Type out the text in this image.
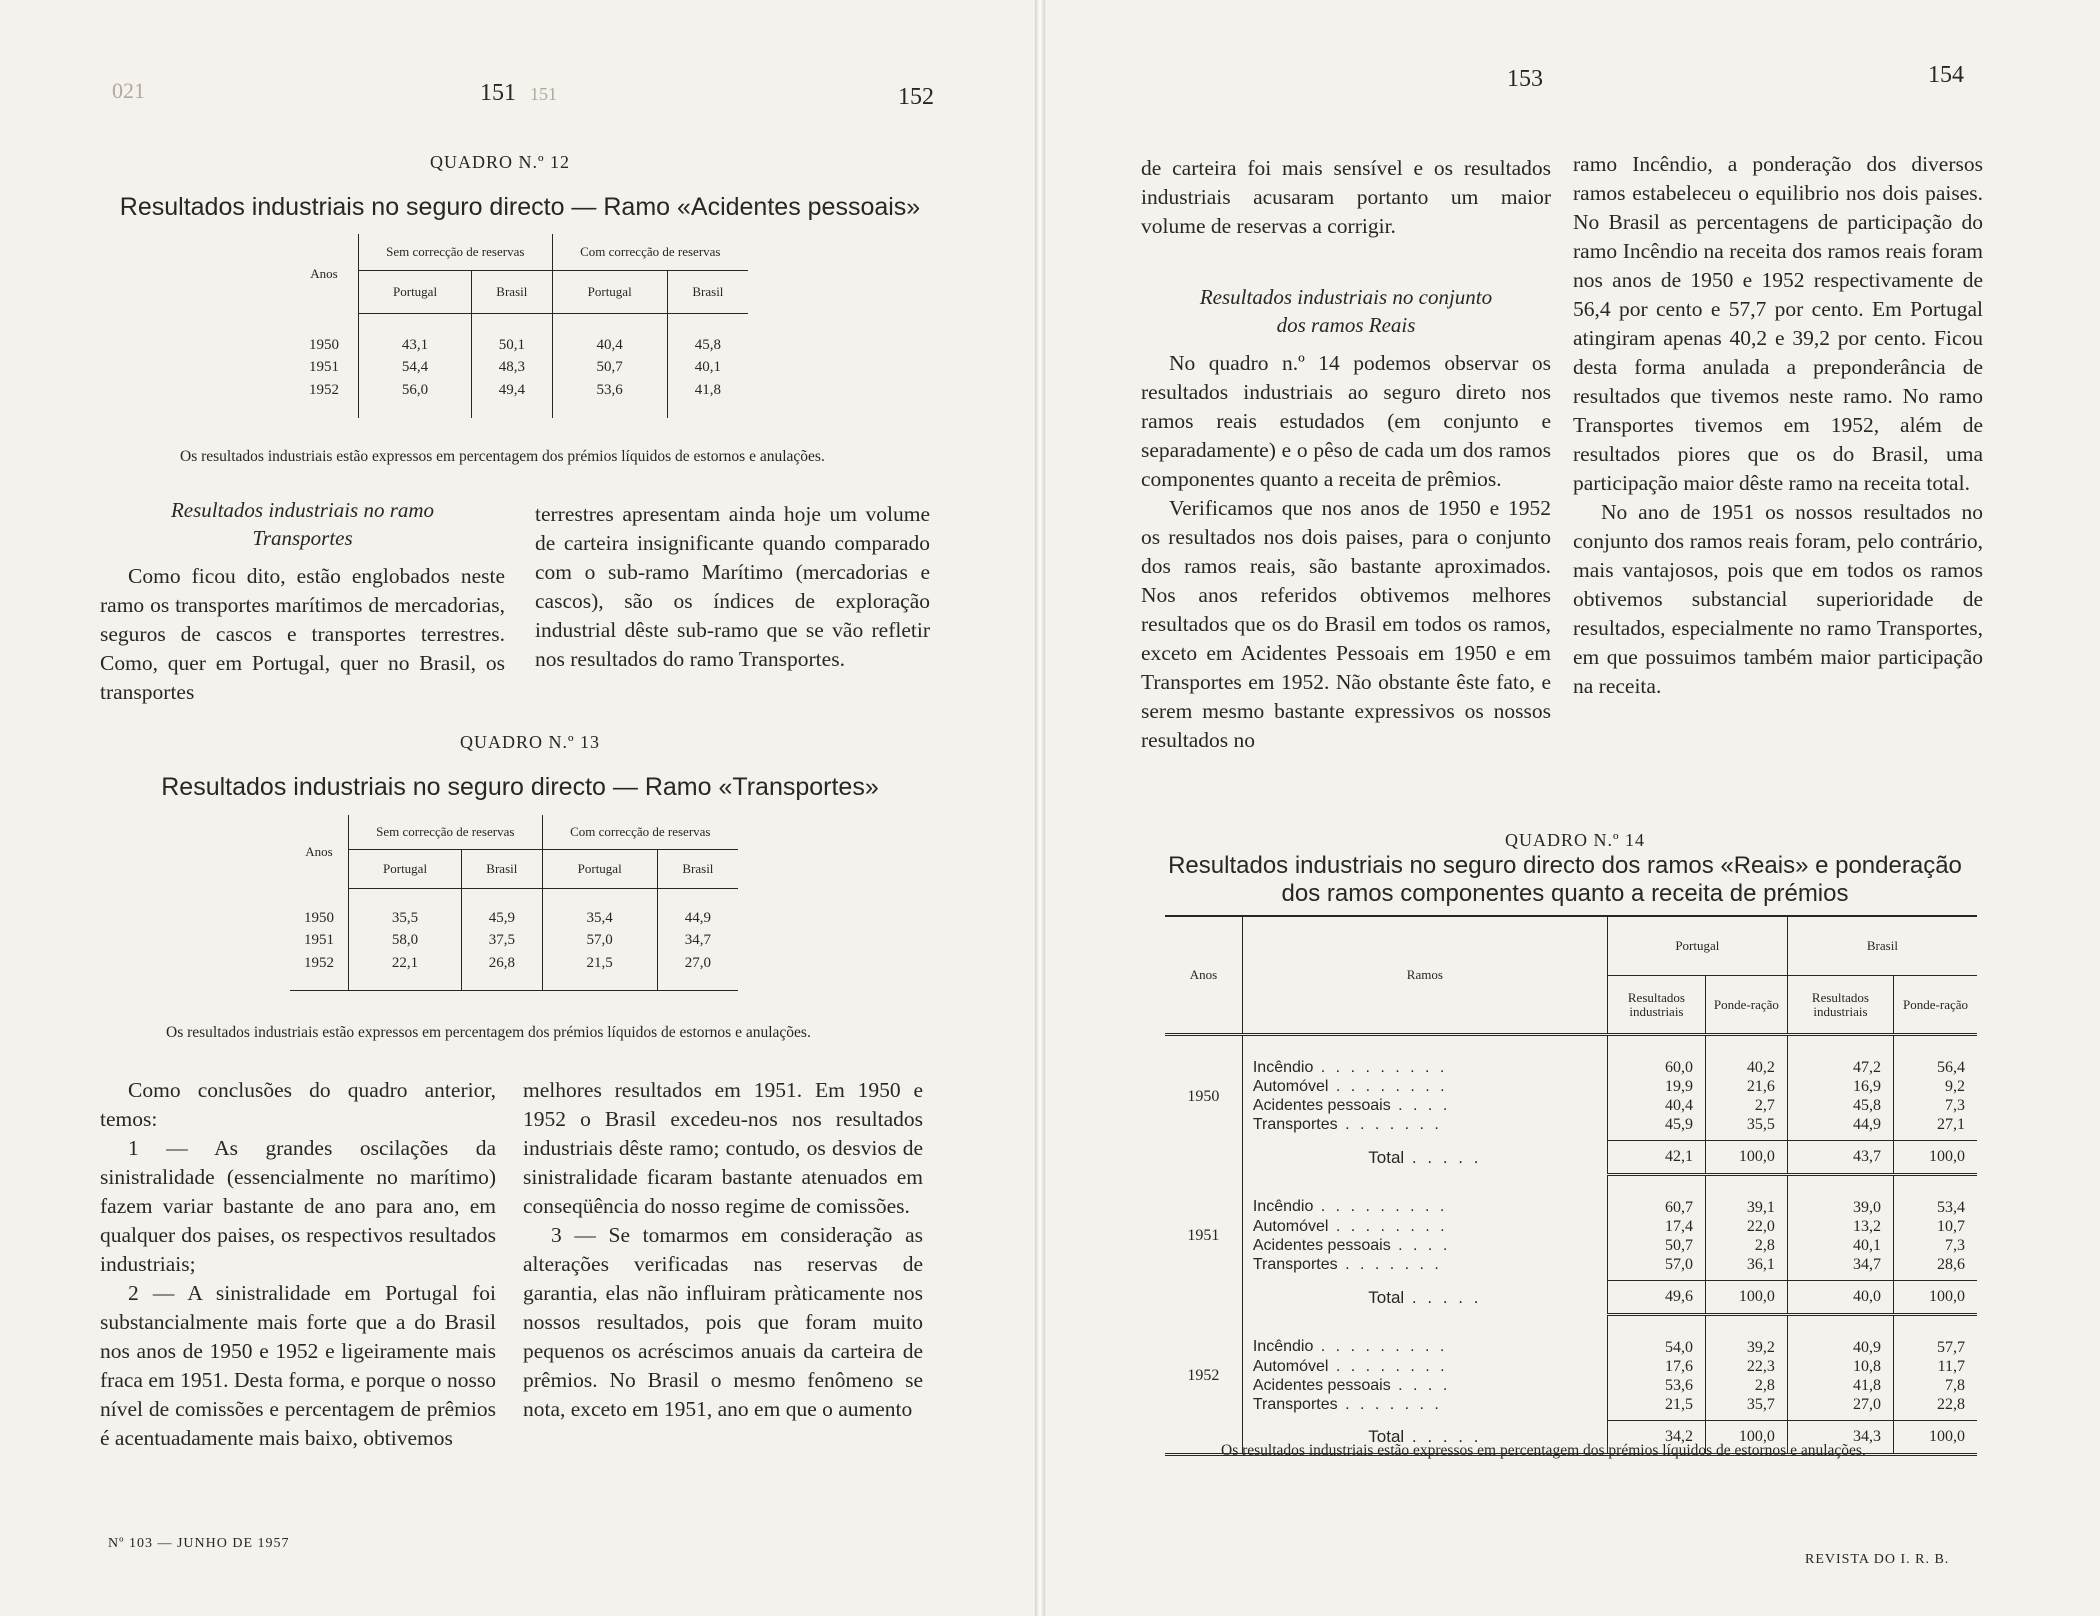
021	151 151	152
QUADRO N.º 12
Resultados industriais no seguro directo — Ramo «Acidentes pessoais»
Anos	Sem correcção de reservas		Com correcção de reservas	
	Portugal	Brasil	Portugal	Brasil
1950	43,1	50,1	40,4	45,8
1951	54,4	48,3	50,7	40,1
1952	56,0	49,4	53,6	41,8
Os resultados industriais estão expressos em percentagem dos prémios líquidos de estornos e anulações.
Resultados industriais no ramo
Transportes

Como ficou dito, estão englobados neste ramo os transportes marítimos de mercadorias, seguros de cascos e transportes terrestres. Como, quer em Portugal, quer no Brasil, os transportes

terrestres apresentam ainda hoje um volume de carteira insignificante quando comparado com o sub-ramo Marítimo (mercadorias e cascos), são os índices de exploração industrial dêste sub-ramo que se vão refletir nos resultados do ramo Transportes.

QUADRO N.º 13
Resultados industriais no seguro directo — Ramo «Transportes»
Anos	Sem correcção de reservas		Com correcção de reservas	
	Portugal	Brasil	Portugal	Brasil
1950	35,5	45,9	35,4	44,9
1951	58,0	37,5	57,0	34,7
1952	22,1	26,8	21,5	27,0
Os resultados industriais estão expressos em percentagem dos prémios líquidos de estornos e anulações.

Como conclusões do quadro anterior, temos:

1 — As grandes oscilações da sinistralidade (essencialmente no marítimo) fazem variar bastante de ano para ano, em qualquer dos paises, os respectivos resultados industriais;

2 — A sinistralidade em Portugal foi substancialmente mais forte que a do Brasil nos anos de 1950 e 1952 e ligeiramente mais fraca em 1951. Desta forma, e porque o nosso nível de comissões e percentagem de prêmios é acentuadamente mais baixo, obtivemos

melhores resultados em 1951. Em 1950 e 1952 o Brasil excedeu-nos nos resultados industriais dêste ramo; contudo, os desvios de sinistralidade ficaram bastante atenuados em conseqüência do nosso regime de comissões.

3 — Se tomarmos em consideração as alterações verificadas nas reservas de garantia, elas não influiram pràticamente nos nossos resultados, pois que foram muito pequenos os acréscimos anuais da carteira de prêmios. No Brasil o mesmo fenômeno se nota, exceto em 1951, ano em que o aumento

Nº 103 — JUNHO DE 1957
153	154

de carteira foi mais sensível e os resultados industriais acusaram portanto um maior volume de reservas a corrigir.

Resultados industriais no conjunto
dos ramos Reais

No quadro n.º 14 podemos observar os resultados industriais ao seguro direto nos ramos reais estudados (em conjunto e separadamente) e o pêso de cada um dos ramos componentes quanto a receita de prêmios.

Verificamos que nos anos de 1950 e 1952 os resultados nos dois paises, para o conjunto dos ramos reais, são bastante aproximados. Nos anos referidos obtivemos melhores resultados que os do Brasil em todos os ramos, exceto em Acidentes Pessoais em 1950 e em Transportes em 1952. Não obstante êste fato, e serem mesmo bastante expressivos os nossos resultados no

ramo Incêndio, a ponderação dos diversos ramos estabeleceu o equilibrio nos dois paises. No Brasil as percentagens de participação do ramo Incêndio na receita dos ramos reais foram nos anos de 1950 e 1952 respectivamente de 56,4 por cento e 57,7 por cento. Em Portugal atingiram apenas 40,2 e 39,2 por cento. Ficou desta forma anulada a preponderância de resultados que tivemos neste ramo. No ramo Transportes tivemos em 1952, além de resultados piores que os do Brasil, uma participação maior dêste ramo na receita total.

No ano de 1951 os nossos resultados no conjunto dos ramos reais foram, pelo contrário, mais vantajosos, pois que em todos os ramos obtivemos substancial superioridade de resultados, especialmente no ramo Transportes, em que possuimos também maior participação na receita.

QUADRO N.º 14
Resultados industriais no seguro directo dos ramos «Reais» e ponderação
dos ramos componentes quanto a receita de prémios
Anos	Ramos	Portugal		Brasil	
		Resultados industriais	Ponde-ração	Resultados industriais	Ponde-ração
1950	Incêndio . . . . . . . . .	60,0	40,2	47,2	56,4
	Automóvel . . . . . . . .	19,9	21,6	16,9	9,2
	Acidentes pessoais . . . .	40,4	2,7	45,8	7,3
	Transportes . . . . . . .	45,9	35,5	44,9	27,1
	Total . . . . .	42,1	100,0	43,7	100,0
1951	Incêndio . . . . . . . . .	60,7	39,1	39,0	53,4
	Automóvel . . . . . . . .	17,4	22,0	13,2	10,7
	Acidentes pessoais . . . .	50,7	2,8	40,1	7,3
	Transportes . . . . . . .	57,0	36,1	34,7	28,6
	Total . . . . .	49,6	100,0	40,0	100,0
1952	Incêndio . . . . . . . . .	54,0	39,2	40,9	57,7
	Automóvel . . . . . . . .	17,6	22,3	10,8	11,7
	Acidentes pessoais . . . .	53,6	2,8	41,8	7,8
	Transportes . . . . . . .	21,5	35,7	27,0	22,8
	Total . . . . .	34,2	100,0	34,3	100,0
Os resultados industriais estão expressos em percentagem dos prémios líquidos de estornos e anulações.
REVISTA DO I. R. B.
